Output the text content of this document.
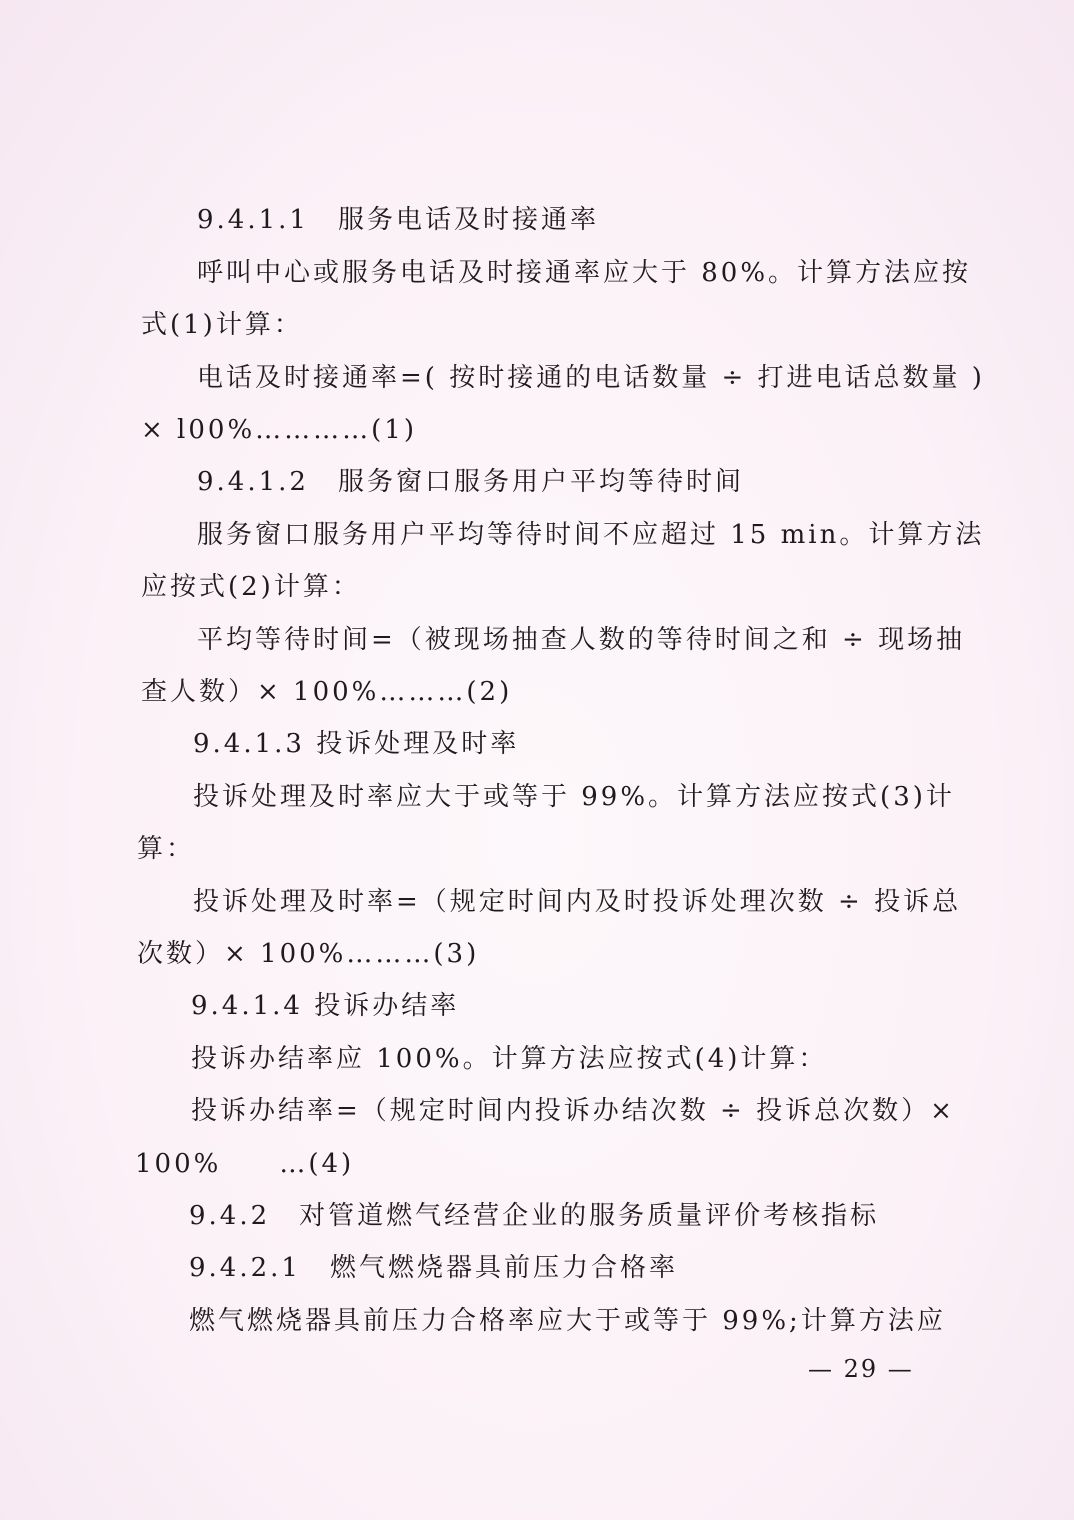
9.4.1.1　服务电话及时接通率
呼叫中心或服务电话及时接通率应大于 80%。计算方法应按
式(1)计算：
电话及时接通率=( 按时接通的电话数量 ÷ 打进电话总数量 )
× l00%…………(1)
9.4.1.2　服务窗口服务用户平均等待时间
服务窗口服务用户平均等待时间不应超过 15 min。计算方法
应按式(2)计算：
平均等待时间=（被现场抽查人数的等待时间之和 ÷ 现场抽
查人数）× 100%………(2)
9.4.1.3 投诉处理及时率
投诉处理及时率应大于或等于 99%。计算方法应按式(3)计
算：
投诉处理及时率=（规定时间内及时投诉处理次数 ÷ 投诉总
次数）× 100%………(3)
9.4.1.4 投诉办结率
投诉办结率应 100%。计算方法应按式(4)计算：
投诉办结率=（规定时间内投诉办结次数 ÷ 投诉总次数）×
100%　　…(4)
9.4.2　对管道燃气经营企业的服务质量评价考核指标
9.4.2.1　燃气燃烧器具前压力合格率
燃气燃烧器具前压力合格率应大于或等于 99%;计算方法应
— 29 —
